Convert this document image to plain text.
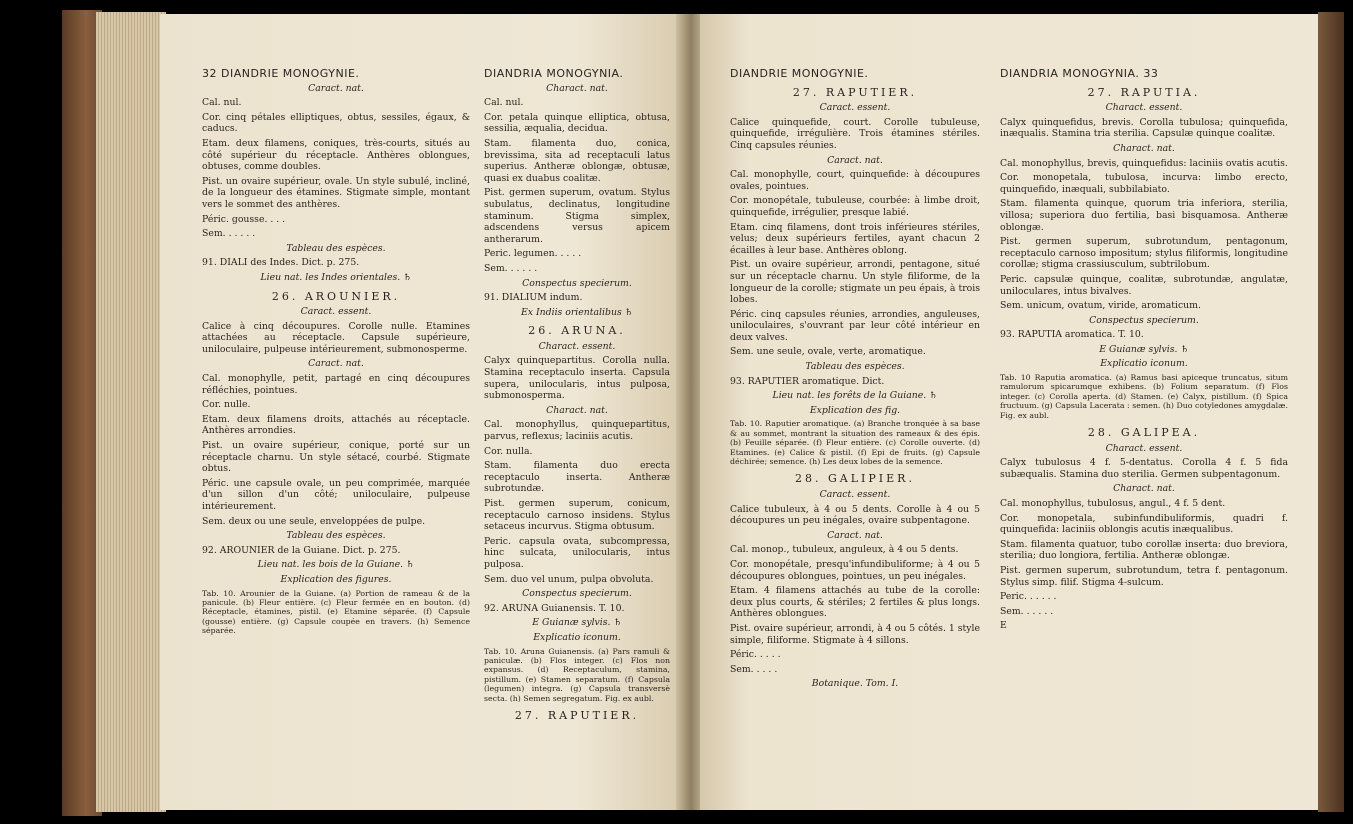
32 DIANDRIE MONOGYNIE.
Caract. nat.
Cal. nul.
Cor. cinq pétales elliptiques, obtus, sessiles, égaux, & caducs.
Etam. deux filamens, coniques, très-courts, situés au côté supérieur du réceptacle. Anthères oblongues, obtuses, comme doubles.
Pist. un ovaire supérieur, ovale. Un style subulé, incliné, de la longueur des étamines. Stigmate simple, montant vers le sommet des anthères.
Péric. gousse. . . .
Sem. . . . . .
Tableau des espèces.
91. DIALI des Indes. Dict. p. 275.
Lieu nat. les Indes orientales. ♄
26. AROUNIER.
Caract. essent.
Calice à cinq découpures. Corolle nulle. Etamines attachées au réceptacle. Capsule supérieure, uniloculaire, pulpeuse intérieurement, submonosperme.
Caract. nat.
Cal. monophylle, petit, partagé en cinq découpures réfléchies, pointues.
Cor. nulle.
Etam. deux filamens droits, attachés au réceptacle. Anthères arrondies.
Pist. un ovaire supérieur, conique, porté sur un réceptacle charnu. Un style sétacé, courbé. Stigmate obtus.
Péric. une capsule ovale, un peu comprimée, marquée d'un sillon d'un côté; uniloculaire, pulpeuse intérieurement.
Sem. deux ou une seule, enveloppées de pulpe.
Tableau des espèces.
92. AROUNIER de la Guiane. Dict. p. 275.
Lieu nat. les bois de la Guiane. ♄
Explication des figures.
Tab. 10. Arounier de la Guiane. (a) Portion de rameau & de la panicule. (b) Fleur entière. (c) Fleur fermée en en bouton. (d) Réceptacle, étamines, pistil. (e) Etamine séparée. (f) Capsule (gousse) entière. (g) Capsule coupée en travers. (h) Semence séparée.
DIANDRIA MONOGYNIA.
Charact. nat.
Cal. nul.
Cor. petala quinque elliptica, obtusa, sessilia, æqualia, decidua.
Stam. filamenta duo, conica, brevissima, sita ad receptaculi latus superius. Antheræ oblongæ, obtusæ, quasi ex duabus coalitæ.
Pist. germen superum, ovatum. Stylus subulatus, declinatus, longitudine staminum. Stigma simplex, adscendens versus apicem antherarum.
Peric. legumen. . . . .
Sem. . . . . .
Conspectus specierum.
91. DIALIUM indum.
Ex Indiis orientalibus ♄
26. ARUNA.
Charact. essent.
Calyx quinquepartitus. Corolla nulla. Stamina receptaculo inserta. Capsula supera, unilocularis, intus pulposa, submonosperma.
Charact. nat.
Cal. monophyllus, quinquepartitus, parvus, reflexus; laciniis acutis.
Cor. nulla.
Stam. filamenta duo erecta receptaculo inserta. Antheræ subrotundæ.
Pist. germen superum, conicum, receptaculo carnoso insidens. Stylus setaceus incurvus. Stigma obtusum.
Peric. capsula ovata, subcompressa, hinc sulcata, unilocularis, intus pulposa.
Sem. duo vel unum, pulpa obvoluta.
Conspectus specierum.
92. ARUNA Guianensis. T. 10.
E Guianæ sylvis. ♄
Explicatio iconum.
Tab. 10. Aruna Guianensis. (a) Pars ramuli & paniculæ. (b) Flos integer. (c) Flos non expansus. (d) Receptaculum, stamina, pistillum. (e) Stamen separatum. (f) Capsula (legumen) integra. (g) Capsula transversè secta. (h) Semen segregatum. Fig. ex aubl.
27. RAPUTIER.
DIANDRIE MONOGYNIE.
27. RAPUTIER.
Caract. essent.
Calice quinquefide, court. Corolle tubuleuse, quinquefide, irrégulière. Trois étamines stériles. Cinq capsules réunies.
Caract. nat.
Cal. monophylle, court, quinquefide: à découpures ovales, pointues.
Cor. monopétale, tubuleuse, courbée: à limbe droit, quinquefide, irrégulier, presque labié.
Etam. cinq filamens, dont trois inférieures stériles, velus; deux supérieurs fertiles, ayant chacun 2 écailles à leur base. Anthères oblong.
Pist. un ovaire supérieur, arrondi, pentagone, situé sur un réceptacle charnu. Un style filiforme, de la longueur de la corolle; stigmate un peu épais, à trois lobes.
Péric. cinq capsules réunies, arrondies, anguleuses, uniloculaires, s'ouvrant par leur côté intérieur en deux valves.
Sem. une seule, ovale, verte, aromatique.
Tableau des espèces.
93. RAPUTIER aromatique. Dict.
Lieu nat. les forêts de la Guiane. ♄
Explication des fig.
Tab. 10. Raputier aromatique. (a) Branche tronquée à sa base & au sommet, montrant la situation des rameaux & des épis. (b) Feuille séparée. (f) Fleur entière. (c) Corolle ouverte. (d) Etamines. (e) Calice & pistil. (f) Epi de fruits. (g) Capsule déchirée; semence. (h) Les deux lobes de la semence.
28. GALIPIER.
Caract. essent.
Calice tubuleux, à 4 ou 5 dents. Corolle à 4 ou 5 découpures un peu inégales, ovaire subpentagone.
Caract. nat.
Cal. monop., tubuleux, anguleux, à 4 ou 5 dents.
Cor. monopétale, presqu'infundibuliforme; à 4 ou 5 découpures oblongues, pointues, un peu inégales.
Etam. 4 filamens attachés au tube de la corolle: deux plus courts, & stériles; 2 fertiles & plus longs. Anthères oblongues.
Pist. ovaire supérieur, arrondi, à 4 ou 5 côtés. 1 style simple, filiforme. Stigmate à 4 sillons.
Péric. . . . .
Sem. . . . .
Botanique. Tom. I.
DIANDRIA MONOGYNIA. 33
27. RAPUTIA.
Charact. essent.
Calyx quinquefidus, brevis. Corolla tubulosa; quinquefida, inæqualis. Stamina tria sterilia. Capsulæ quinque coalitæ.
Charact. nat.
Cal. monophyllus, brevis, quinquefidus: laciniis ovatis acutis.
Cor. monopetala, tubulosa, incurva: limbo erecto, quinquefido, inæquali, subbilabiato.
Stam. filamenta quinque, quorum tria inferiora, sterilia, villosa; superiora duo fertilia, basi bisquamosa. Antheræ oblongæ.
Pist. germen superum, subrotundum, pentagonum, receptaculo carnoso impositum; stylus filiformis, longitudine corollæ; stigma crassiusculum, subtrilobum.
Peric. capsulæ quinque, coalitæ, subrotundæ, angulatæ, uniloculares, intus bivalves.
Sem. unicum, ovatum, viride, aromaticum.
Conspectus specierum.
93. RAPUTIA aromatica. T. 10.
E Guianæ sylvis. ♄
Explicatio iconum.
Tab. 10 Raputia aromatica. (a) Ramus basi apiceque truncatus, situm ramulorum spicarumque exhibens. (b) Folium separatum. (f) Flos integer. (c) Corolla aperta. (d) Stamen. (e) Calyx, pistillum. (f) Spica fructuum. (g) Capsula Lacerata : semen. (h) Duo cotyledones amygdalæ. Fig. ex aubl.
28. GALIPEA.
Charact. essent.
Calyx tubulosus 4 f. 5-dentatus. Corolla 4 f. 5 fida subæqualis. Stamina duo sterilia. Germen subpentagonum.
Charact. nat.
Cal. monophyllus, tubulosus, angul., 4 f. 5 dent.
Cor. monopetala, subinfundibuliformis, quadri f. quinquefida: laciniis oblongis acutis inæqualibus.
Stam. filamenta quatuor, tubo corollæ inserta: duo breviora, sterilia; duo longiora, fertilia. Antheræ oblongæ.
Pist. germen superum, subrotundum, tetra f. pentagonum. Stylus simp. filif. Stigma 4-sulcum.
Peric. . . . . .
Sem. . . . . .
E
